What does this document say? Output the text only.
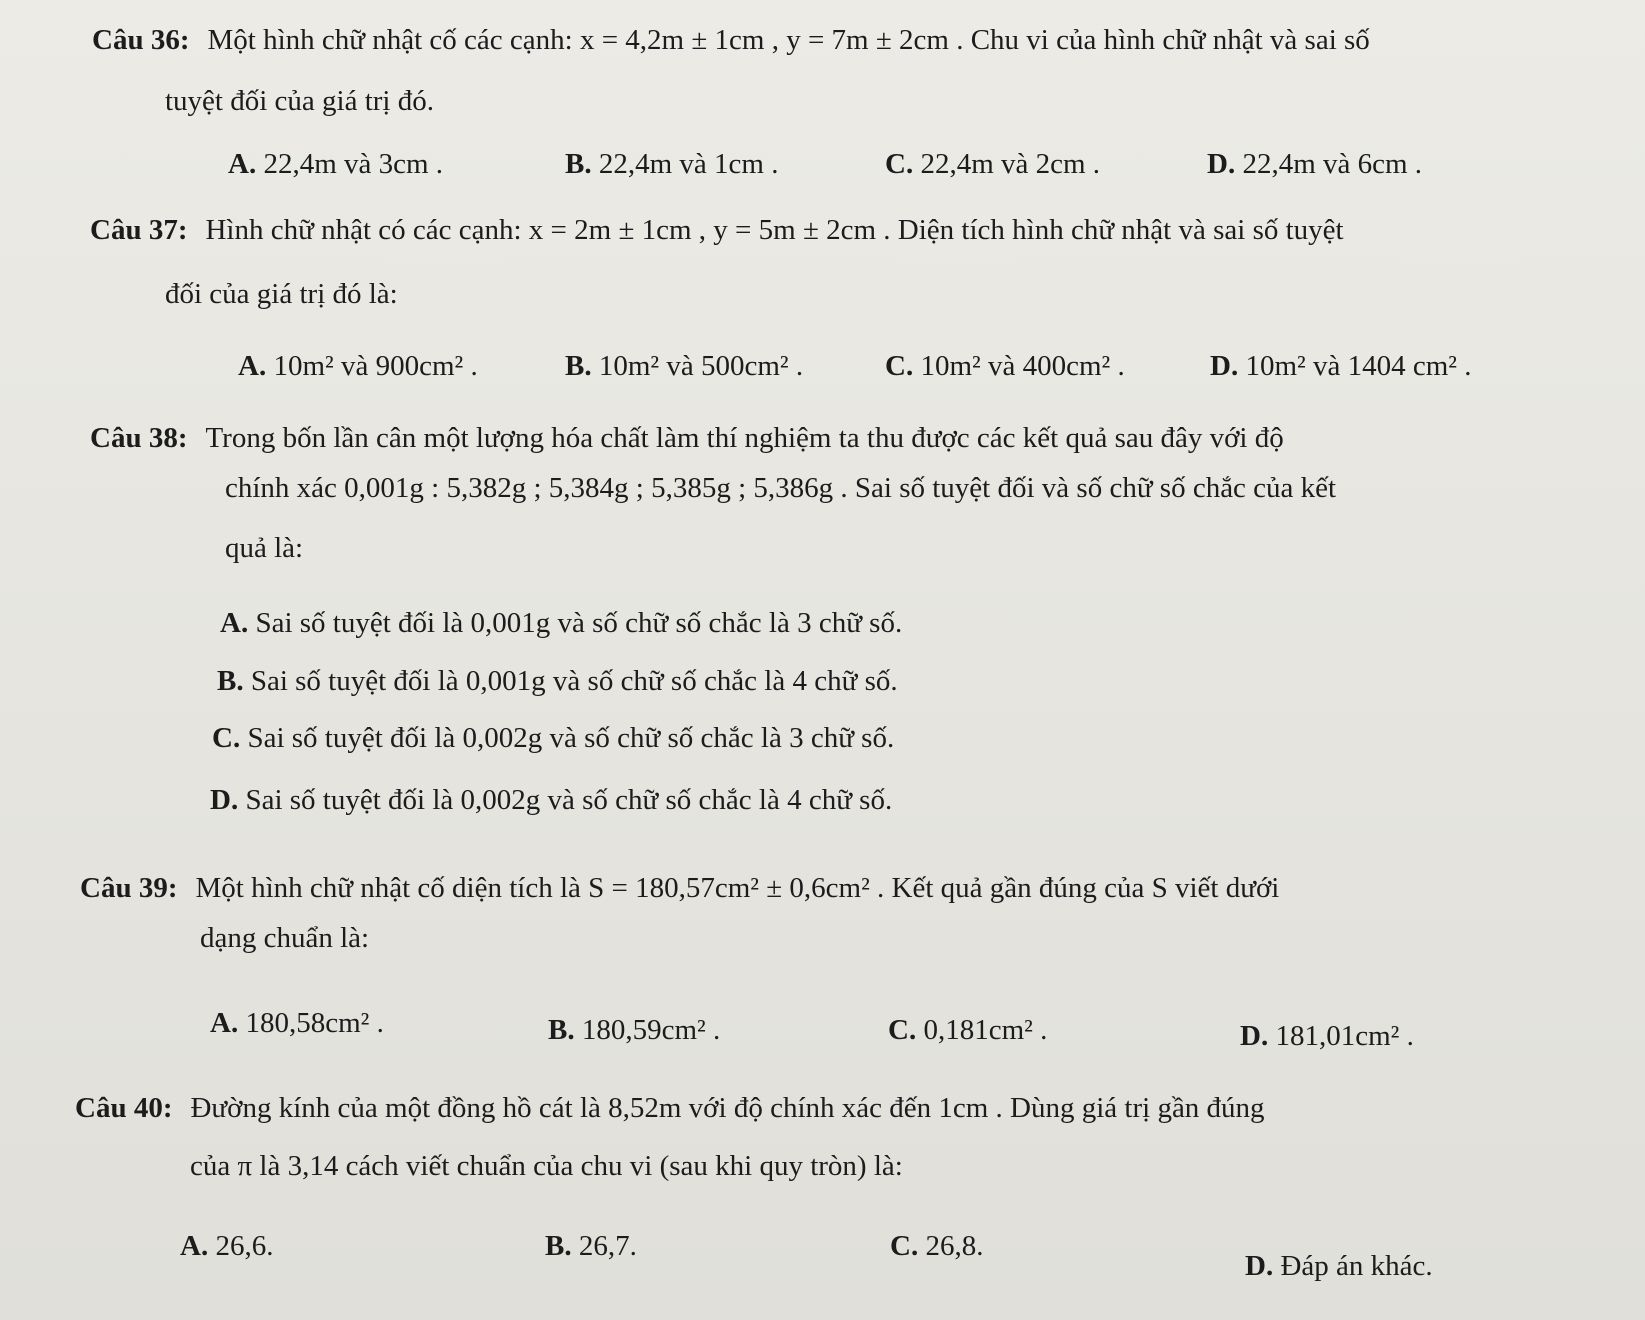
Câu 36: Một hình chữ nhật cố các cạnh: x = 4,2m ± 1cm , y = 7m ± 2cm . Chu vi của hình chữ nhật và sai số
tuyệt đối của giá trị đó.
A. 22,4m và 3cm .	B. 22,4m và 1cm .	C. 22,4m và 2cm .	D. 22,4m và 6cm .
Câu 37: Hình chữ nhật có các cạnh: x = 2m ± 1cm , y = 5m ± 2cm . Diện tích hình chữ nhật và sai số tuyệt
đối của giá trị đó là:
A. 10m² và 900cm² .	B. 10m² và 500cm² .	C. 10m² và 400cm² .	D. 10m² và 1404 cm² .
Câu 38: Trong bốn lần cân một lượng hóa chất làm thí nghiệm ta thu được các kết quả sau đây với độ
chính xác 0,001g : 5,382g ; 5,384g ; 5,385g ; 5,386g . Sai số tuyệt đối và số chữ số chắc của kết
quả là:
A. Sai số tuyệt đối là 0,001g và số chữ số chắc là 3 chữ số.
B. Sai số tuyệt đối là 0,001g và số chữ số chắc là 4 chữ số.
C. Sai số tuyệt đối là 0,002g và số chữ số chắc là 3 chữ số.
D. Sai số tuyệt đối là 0,002g và số chữ số chắc là 4 chữ số.
Câu 39: Một hình chữ nhật cố diện tích là S = 180,57cm² ± 0,6cm² . Kết quả gần đúng của S viết dưới
dạng chuẩn là:
A. 180,58cm² .	B. 180,59cm² .	C. 0,181cm² .	D. 181,01cm² .
Câu 40: Đường kính của một đồng hồ cát là 8,52m với độ chính xác đến 1cm . Dùng giá trị gần đúng
của π là 3,14 cách viết chuẩn của chu vi (sau khi quy tròn) là:
A. 26,6.	B. 26,7.	C. 26,8.
D. Đáp án khác.
